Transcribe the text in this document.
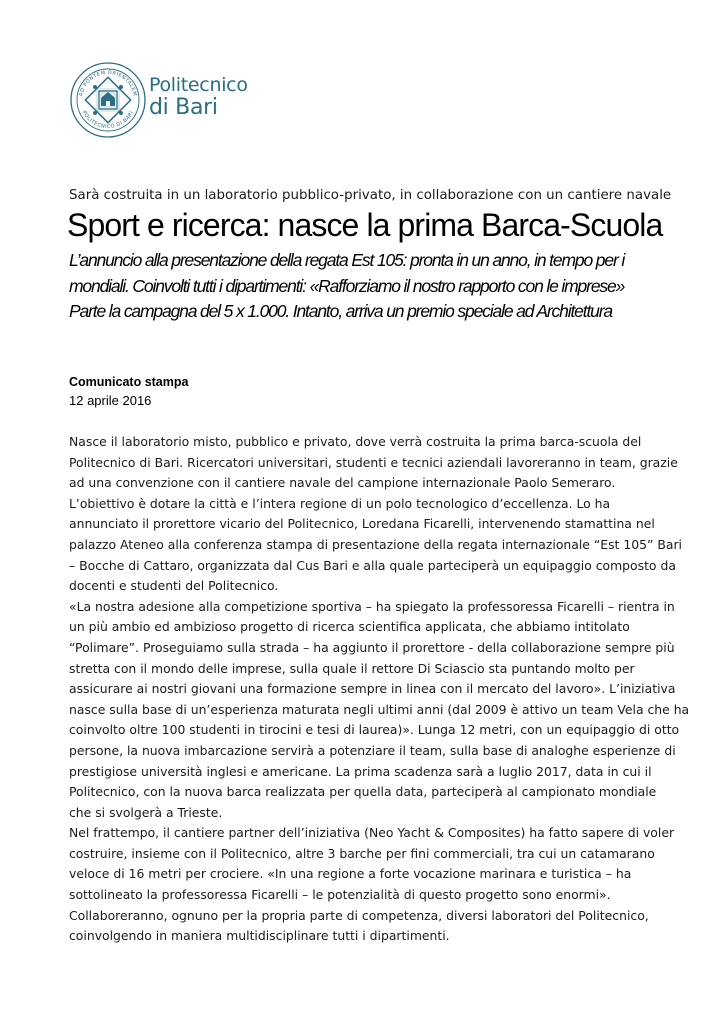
AD PONTEM ORIENTALEM
POLITECNICO DI BARI
Politecnico
di Bari
Sarà costruita in un laboratorio pubblico-privato, in collaborazione con un cantiere navale
Sport e ricerca: nasce la prima Barca-Scuola
L’annuncio alla presentazione della regata Est 105: pronta in un anno, in tempo per i
mondiali. Coinvolti tutti i dipartimenti: «Rafforziamo il nostro rapporto con le imprese»
Parte la campagna del 5 x 1.000. Intanto, arriva un premio speciale ad Architettura
Comunicato stampa
12 aprile 2016
Nasce il laboratorio misto, pubblico e privato, dove verrà costruita la prima barca-scuola del
Politecnico di Bari. Ricercatori universitari, studenti e tecnici aziendali lavoreranno in team, grazie
ad una convenzione con il cantiere navale del campione internazionale Paolo Semeraro.
L’obiettivo è dotare la città e l’intera regione di un polo tecnologico d’eccellenza. Lo ha
annunciato il prorettore vicario del Politecnico, Loredana Ficarelli, intervenendo stamattina nel
palazzo Ateneo alla conferenza stampa di presentazione della regata internazionale “Est 105” Bari
– Bocche di Cattaro, organizzata dal Cus Bari e alla quale parteciperà un equipaggio composto da
docenti e studenti del Politecnico.
«La nostra adesione alla competizione sportiva – ha spiegato la professoressa Ficarelli – rientra in
un più ambio ed ambizioso progetto di ricerca scientifica applicata, che abbiamo intitolato
“Polimare”. Proseguiamo sulla strada – ha aggiunto il prorettore - della collaborazione sempre più
stretta con il mondo delle imprese, sulla quale il rettore Di Sciascio sta puntando molto per
assicurare ai nostri giovani una formazione sempre in linea con il mercato del lavoro». L’iniziativa
nasce sulla base di un’esperienza maturata negli ultimi anni (dal 2009 è attivo un team Vela che ha
coinvolto oltre 100 studenti in tirocini e tesi di laurea)». Lunga 12 metri, con un equipaggio di otto
persone, la nuova imbarcazione servirà a potenziare il team, sulla base di analoghe esperienze di
prestigiose università inglesi e americane. La prima scadenza sarà a luglio 2017, data in cui il
Politecnico, con la nuova barca realizzata per quella data, parteciperà al campionato mondiale
che si svolgerà a Trieste.
Nel frattempo, il cantiere partner dell’iniziativa (Neo Yacht & Composites) ha fatto sapere di voler
costruire, insieme con il Politecnico, altre 3 barche per fini commerciali, tra cui un catamarano
veloce di 16 metri per crociere. «In una regione a forte vocazione marinara e turistica – ha
sottolineato la professoressa Ficarelli – le potenzialità di questo progetto sono enormi».
Collaboreranno, ognuno per la propria parte di competenza, diversi laboratori del Politecnico,
coinvolgendo in maniera multidisciplinare tutti i dipartimenti.
